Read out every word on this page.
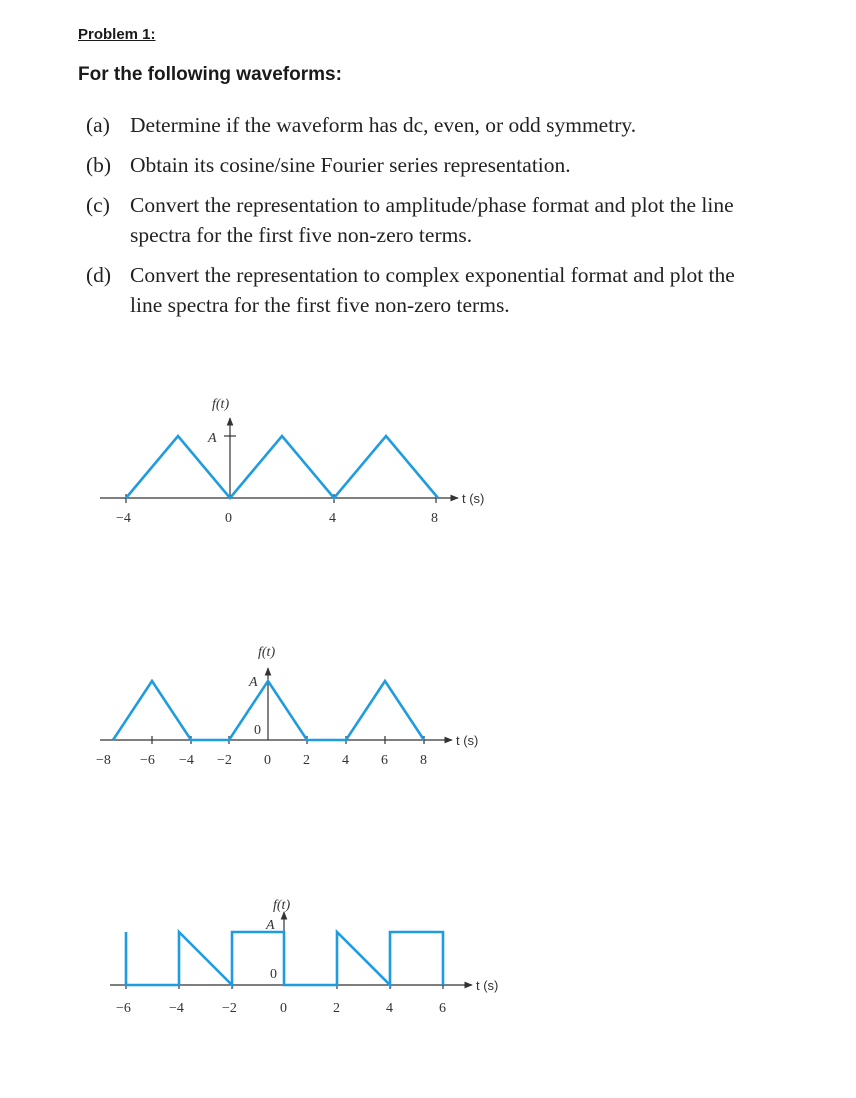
Problem 1:
For the following waveforms:
(a) Determine if the waveform has dc, even, or odd symmetry.
(b) Obtain its cosine/sine Fourier series representation.
(c) Convert the representation to amplitude/phase format and plot the line spectra for the first five non-zero terms.
(d) Convert the representation to complex exponential format and plot the line spectra for the first five non-zero terms.
f(t)
A
t (s)
−4	0	4	8
f(t)
A
0
t (s)
−8 −6 −4 −2 0 2 4 6 8
f(t)
A
0
t (s)
−6	−4	−2	0	2	4	6
